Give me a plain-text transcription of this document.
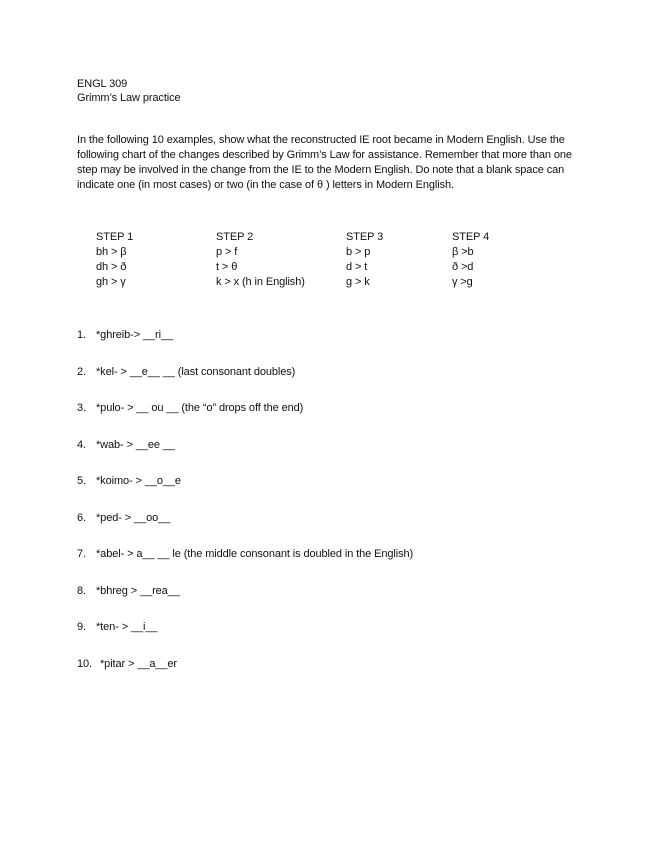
ENGL 309
Grimm’s Law practice

In the following 10 examples, show what the reconstructed IE root became in Modern English. Use the following chart of the changes described by Grimm’s Law for assistance. Remember that more than one step may be involved in the change from the IE to the Modern English. Do note that a blank space can indicate one (in most cases) or two (in the case of θ ) letters in Modern English.

STEP 1
bh > β
dh > ð
gh > γ
STEP 2
p > f
t > θ
k > x (h in English)
STEP 3
b > p
d > t
g > k
STEP 4
β >b
ð >d
γ >g
1. *ghreib-> __ri__
2. *kel- > __e__ __ (last consonant doubles)
3. *pulo- > __ ou __ (the “o” drops off the end)
4. *wab- > __ee __
5. *koimo- > __o__e
6. *ped- > __oo__
7. *abel- > a__ __ le (the middle consonant is doubled in the English)
8. *bhreg > __rea__
9. *ten- > __i__
10. *pitar > __a__er
